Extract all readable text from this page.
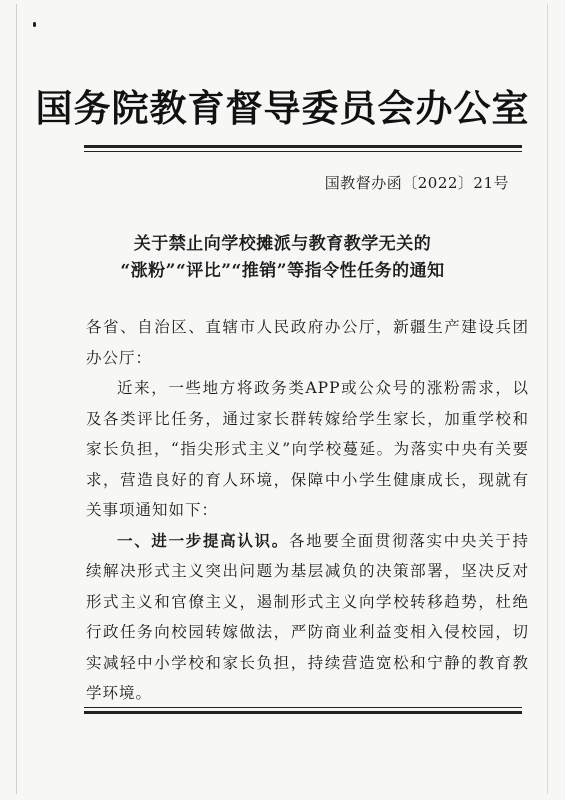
国务院教育督导委员会办公室
国教督办函〔2022〕21号
关于禁止向学校摊派与教育教学无关的
“涨粉”“评比”“推销”等指令性任务的通知

各省、自治区、直辖市人民政府办公厅，新疆生产建设兵团办公厅：

近来，一些地方将政务类APP或公众号的涨粉需求，以及各类评比任务，通过家长群转嫁给学生家长，加重学校和家长负担，“指尖形式主义”向学校蔓延。为落实中央有关要求，营造良好的育人环境，保障中小学生健康成长，现就有关事项通知如下：

一、进一步提高认识。各地要全面贯彻落实中央关于持续解决形式主义突出问题为基层减负的决策部署，坚决反对形式主义和官僚主义，遏制形式主义向学校转移趋势，杜绝行政任务向校园转嫁做法，严防商业利益变相入侵校园，切实减轻中小学校和家长负担，持续营造宽松和宁静的教育教学环境。
